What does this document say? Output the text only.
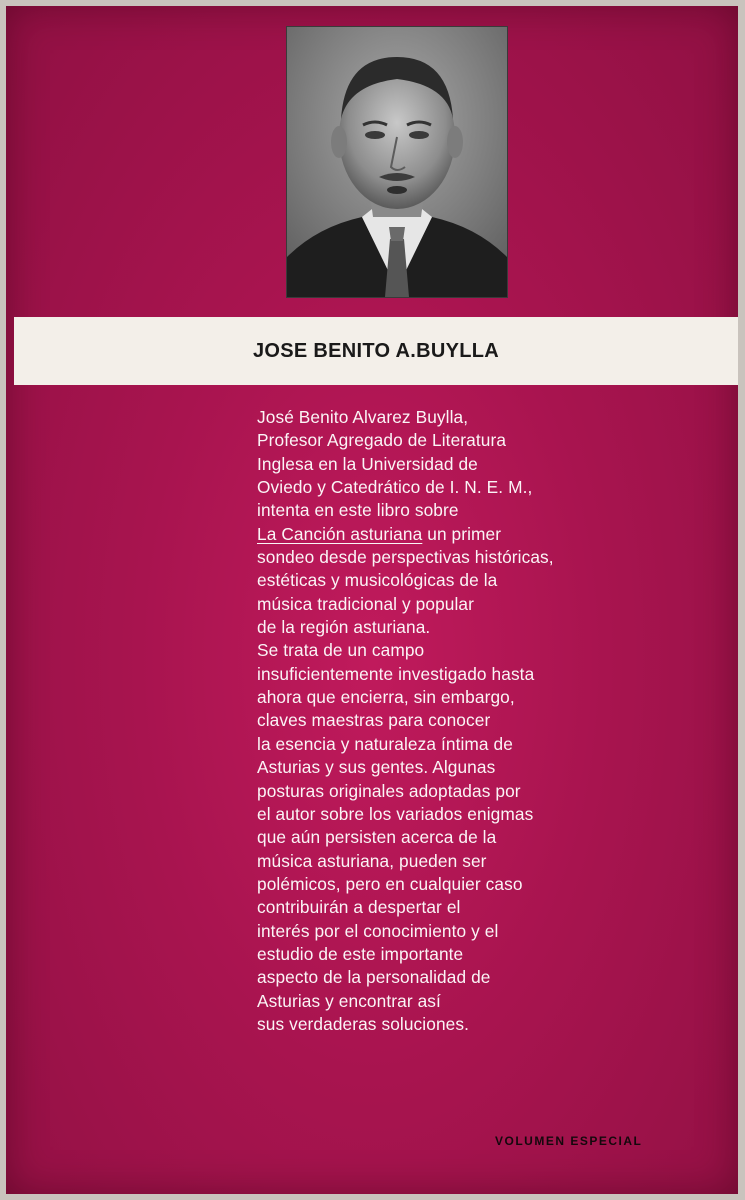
JOSE BENITO A.BUYLLA
José Benito Alvarez Buylla,
Profesor Agregado de Literatura
Inglesa en la Universidad de
Oviedo y Catedrático de I. N. E. M.,
intenta en este libro sobre
La Canción asturiana un primer
sondeo desde perspectivas históricas,
estéticas y musicológicas de la
música tradicional y popular
de la región asturiana.
Se trata de un campo
insuficientemente investigado hasta
ahora que encierra, sin embargo,
claves maestras para conocer
la esencia y naturaleza íntima de
Asturias y sus gentes. Algunas
posturas originales adoptadas por
el autor sobre los variados enigmas
que aún persisten acerca de la
música asturiana, pueden ser
polémicos, pero en cualquier caso
contribuirán a despertar el
interés por el conocimiento y el
estudio de este importante
aspecto de la personalidad de
Asturias y encontrar así
sus verdaderas soluciones.
VOLUMEN ESPECIAL
